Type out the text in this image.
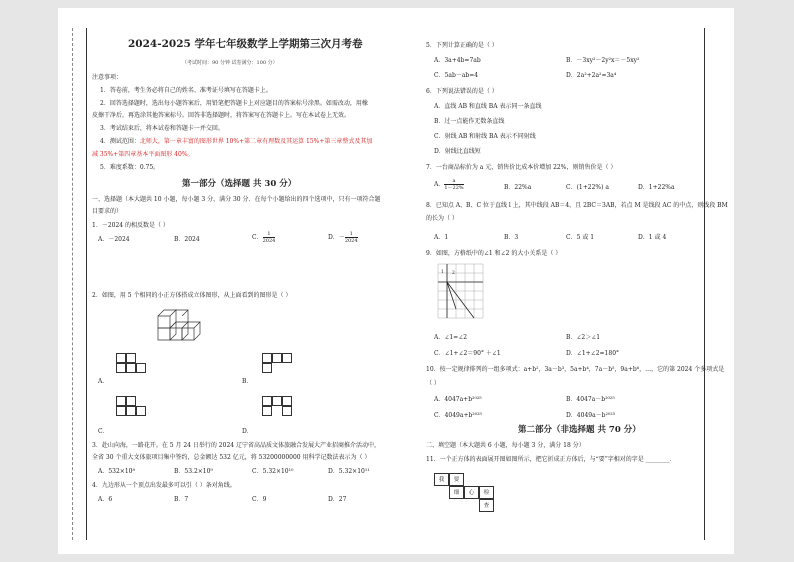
2024-2025 学年七年级数学上学期第三次月考卷
（考试时间：90 分钟 试卷满分：100 分）
注意事项：
1．答卷前，考生务必将自己的姓名、准考证号填写在答题卡上。
2．回答选择题时，选出每小题答案后，用铅笔把答题卡上对应题目的答案标号涂黑。如需改动，用橡
皮擦干净后，再选涂其他答案标号。回答非选择题时，将答案写在答题卡上。写在本试卷上无效。
3．考试结束后，将本试卷和答题卡一并交回。
4．测试范围：北师大，第一章丰富的图形世界 10%+第二章有理数及其运算 15%+第三章整式及其加
减 35%+第四章基本平面图形 40%。
5．难度系数：0.75。
第一部分（选择题 共 30 分）
一、选择题（本大题共 10 小题，每小题 3 分，满分 30 分．在每个小题给出的四个选项中，只有一项符合题
目要求的）
1．－2024 的相反数是（ ）
A．－2024	B．2024	C． $\frac{1}{2024}$	D．－ $\frac{1}{2024}$
2．如图，用 5 个相同的小正方体搭成立体图形，从上面看到的图形是（ ）
A．	B．
C．	D．
3．赴山向海，一路花开。在 5 月 24 日举行的 2024 辽宁省高品质文体旅融合发展大产业招商推介活动中，
全省 30 个重大文体旅项目集中签约，总金额达 532 亿元，将 53200000000 用科学记数法表示为（ ）
A．532×10⁸	B．53.2×10⁹	C．5.32×10¹⁰	D．5.32×10¹¹
4．九边形从一个顶点出发最多可以引（ ）条对角线。
A．6	B．7	C．9	D．27
5．下列计算正确的是（ ）
A．3a+4b=7ab	B．－3xy²－2y²x＝－5xy²
C．5ab－ab=4	D．2a²+2a²=3a⁴
6．下列说法错误的是（ ）
A．直线 AB 和直线 BA 表示同一条直线
B．过一点能作无数条直线
C．射线 AB 和射线 BA 表示不同射线
D．射线比直线短
7．一台商品标价为 a 元，销售价比成本价增加 22%，则销售价是（ ）
A． $\frac{a}{1-22\%}$	B．22%a	C．(1+22%) a	D．1+22%a
8．已知点 A、B、C 位于直线 l 上，其中线段 AB＝4，且 2BC＝3AB，若点 M 是线段 AC 的中点，则线段 BM
的长为（ ）
A．1	B．3	C．5 或 1	D．1 或 4
9．如图，方格纸中的∠1 和∠2 的大小关系是（ ）
1 2
A．∠1=∠2	B．∠2＞∠1
C．∠1+∠2＝90° ＋∠1	D．∠1+∠2=180°
10．按一定规律排列的一组多项式：a+b²，3a－b³，5a+b⁴，7a－b⁵，9a+b⁶，…，它的第 2024 个多项式是
（ ）
A．4047a+b²⁰²⁵	B．4047a－b²⁰²⁵
C．4049a+b²⁰²⁵	D．4049a－b²⁰²⁵
第二部分（非选择题 共 70 分）
二、填空题（本大题共 6 小题，每小题 3 分，满分 18 分）
11．一个正方体的表面展开图如图所示，把它折成正方体后，与“要”字相对的字是 ________．
我	要
细	心	检
查
